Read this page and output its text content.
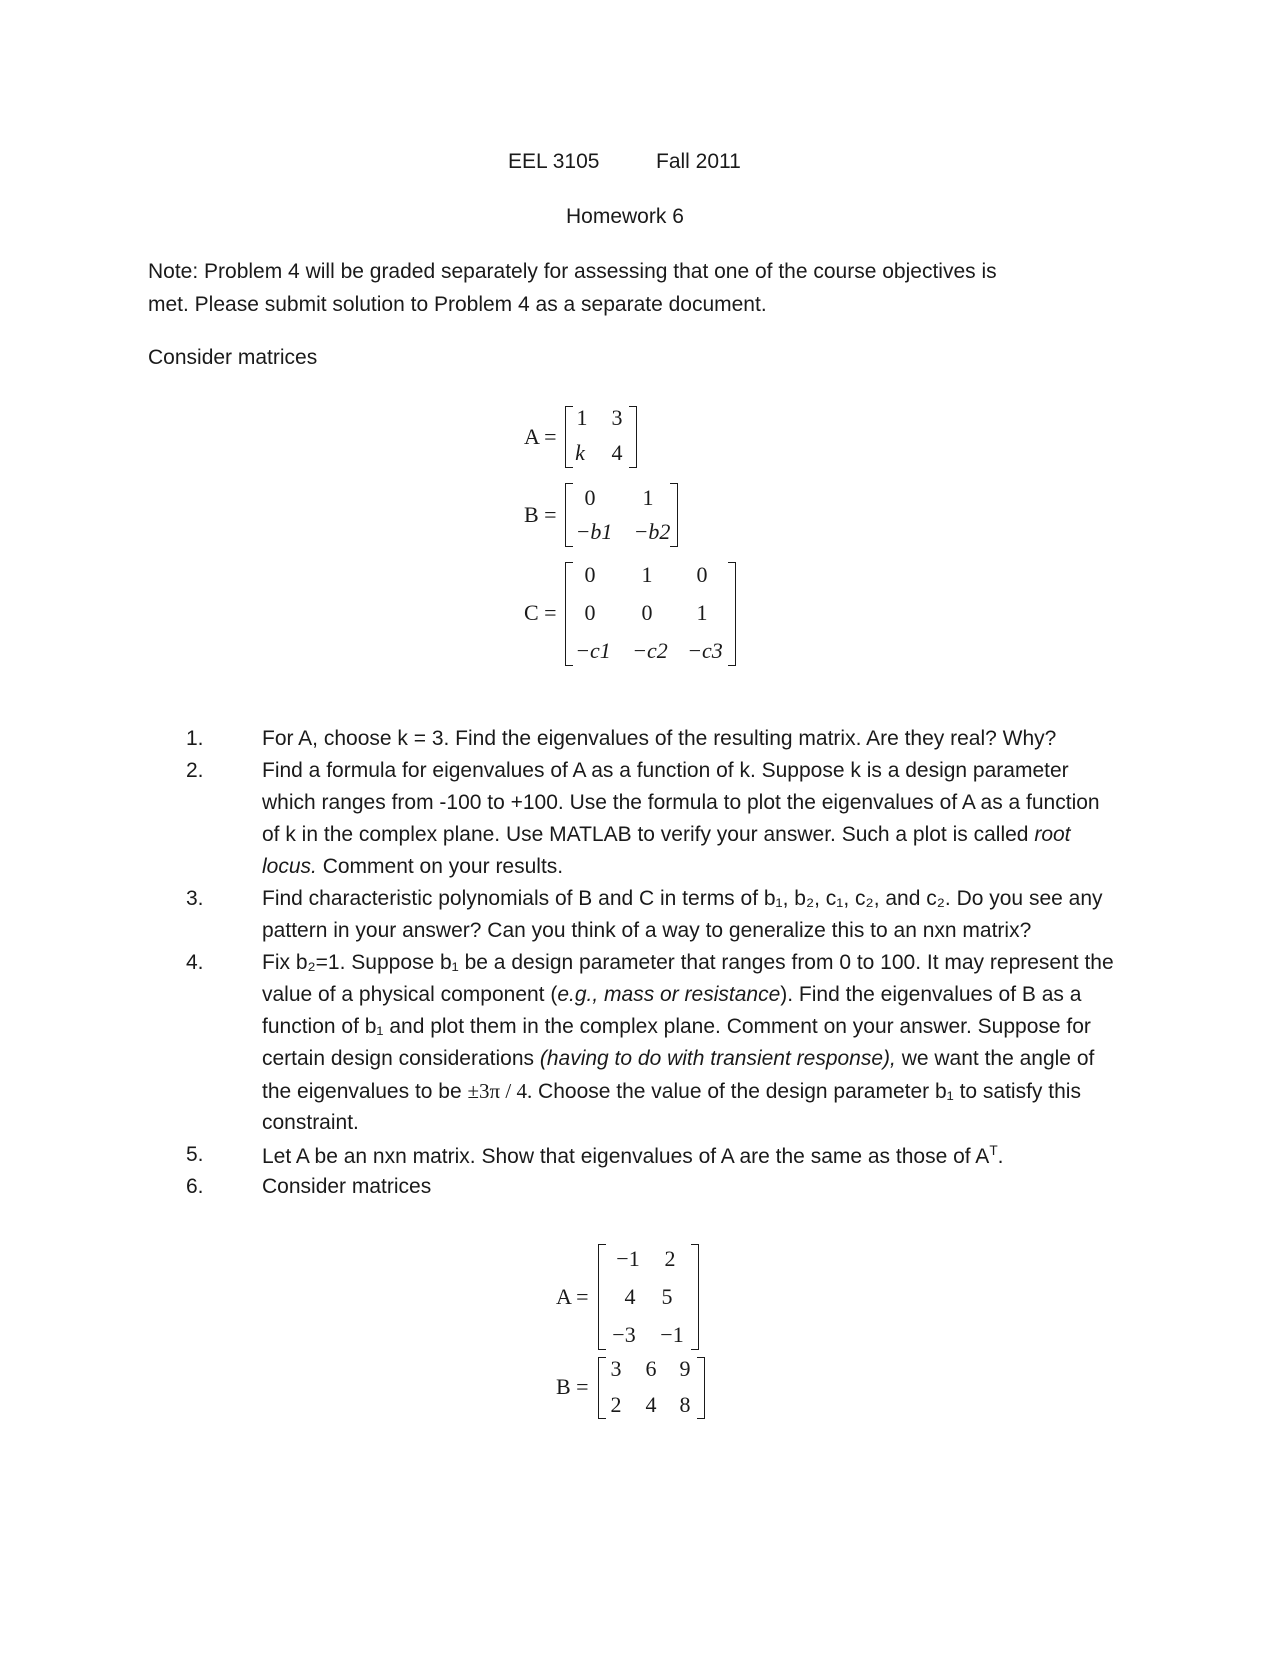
EEL 3105	Fall 2011
Homework 6
Note: Problem 4 will be graded separately for assessing that one of the course objectives is
met. Please submit solution to Problem 4 as a separate document.
Consider matrices
A =
1	3
k	4
B =
0	1
−b1 −b2
C =
0	1	0
0	0	1
−c1 −c2 −c3
1.	For A, choose k = 3. Find the eigenvalues of the resulting matrix. Are they real? Why?
2.	Find a formula for eigenvalues of A as a function of k. Suppose k is a design parameter
which ranges from -100 to +100. Use the formula to plot the eigenvalues of A as a function
of k in the complex plane. Use MATLAB to verify your answer. Such a plot is called root
locus. Comment on your results.
3.	Find characteristic polynomials of B and C in terms of b₁, b₂, c₁, c₂, and c₂. Do you see any
pattern in your answer? Can you think of a way to generalize this to an nxn matrix?
4.	Fix b₂=1. Suppose b₁ be a design parameter that ranges from 0 to 100. It may represent the
value of a physical component (e.g., mass or resistance). Find the eigenvalues of B as a
function of b₁ and plot them in the complex plane. Comment on your answer. Suppose for
certain design considerations (having to do with transient response), we want the angle of
the eigenvalues to be ±3π / 4. Choose the value of the design parameter b₁ to satisfy this
constraint.
5.	Let A be an nxn matrix. Show that eigenvalues of A are the same as those of $A^T$.
6.	Consider matrices
A =
−1	2
4	5
−3	−1
B =
3	6	9
2	4	8
